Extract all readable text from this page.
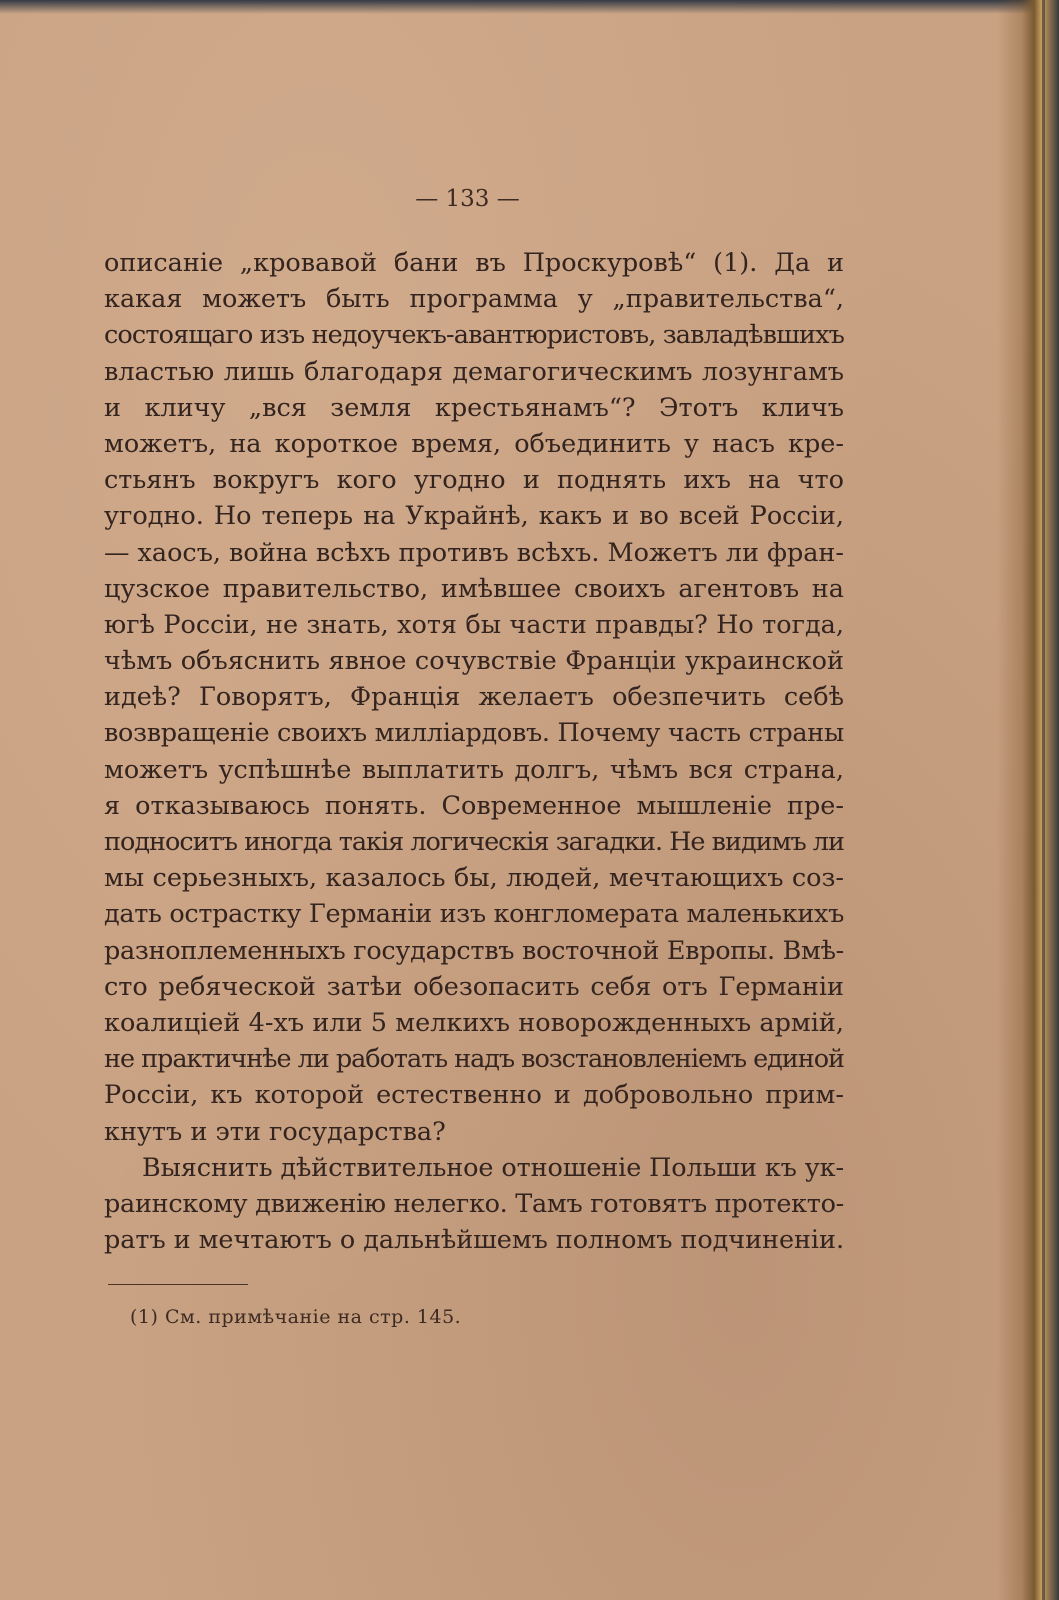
— 133 —
описаніе „кровавой бани въ Проскуровѣ“ (1). Да и
какая можетъ быть программа у „правительства“,
состоящаго изъ недоучекъ-авантюристовъ, завладѣвшихъ
властью лишь благодаря демагогическимъ лозунгамъ
и кличу „вся земля крестьянамъ“? Этотъ кличъ
можетъ, на короткое время, объединить у насъ кре-
стьянъ вокругъ кого угодно и поднять ихъ на что
угодно. Но теперь на Украйнѣ, какъ и во всей Россіи,
— хаосъ, война всѣхъ противъ всѣхъ. Можетъ ли фран-
цузское правительство, имѣвшее своихъ агентовъ на
югѣ Россіи, не знать, хотя бы части правды? Но тогда,
чѣмъ объяснить явное сочувствіе Франціи украинской
идеѣ? Говорятъ, Франція желаетъ обезпечить себѣ
возвращеніе своихъ милліардовъ. Почему часть страны
можетъ успѣшнѣе выплатить долгъ, чѣмъ вся страна,
я отказываюсь понять. Современное мышленіе пре-
подноситъ иногда такія логическія загадки. Не видимъ ли
мы серьезныхъ, казалось бы, людей, мечтающихъ соз-
дать острастку Германіи изъ конгломерата маленькихъ
разноплеменныхъ государствъ восточной Европы. Вмѣ-
сто ребяческой затѣи обезопасить себя отъ Германіи
коалиціей 4-хъ или 5 мелкихъ новорожденныхъ армій,
не практичнѣе ли работать надъ возстановленіемъ единой
Россіи, къ которой естественно и добровольно прим-
кнутъ и эти государства?
Выяснить дѣйствительное отношеніе Польши къ ук-
раинскому движенію нелегко. Тамъ готовятъ протекто-
ратъ и мечтаютъ о дальнѣйшемъ полномъ подчиненіи.
(1) См. примѣчаніе на стр. 145.
